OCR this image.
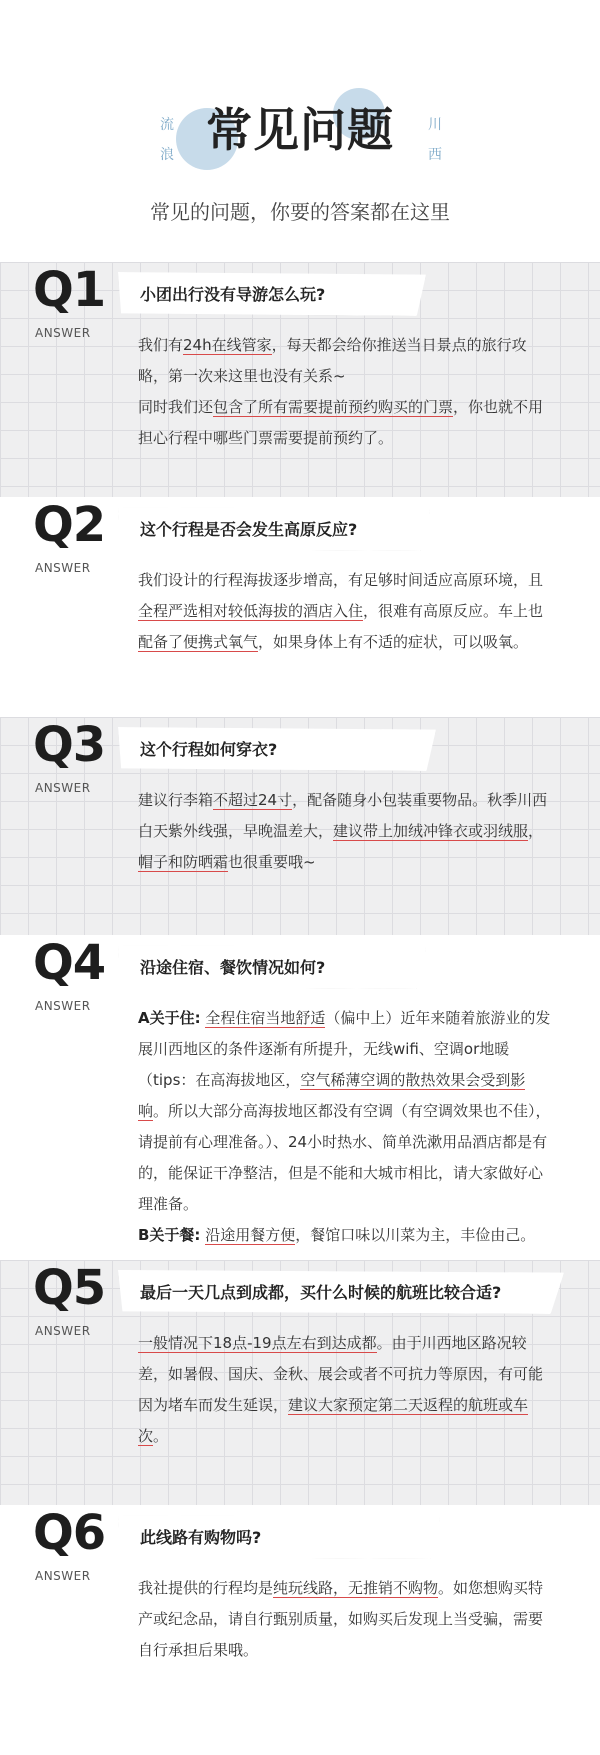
常见问题
流
浪
川
西
常见的问题，你要的答案都在这里
Q1
ANSWER
小团出行没有导游怎么玩?
我们有24h在线管家，每天都会给你推送当日景点的旅行攻略，第一次来这里也没有关系~
同时我们还包含了所有需要提前预约购买的门票，你也就不用担心行程中哪些门票需要提前预约了。
Q2
ANSWER
这个行程是否会发生高原反应?
我们设计的行程海拔逐步增高，有足够时间适应高原环境，且全程严选相对较低海拔的酒店入住，很难有高原反应。车上也配备了便携式氧气，如果身体上有不适的症状，可以吸氧。
Q3
ANSWER
这个行程如何穿衣?
建议行李箱不超过24寸，配备随身小包装重要物品。秋季川西白天紫外线强，早晚温差大，建议带上加绒冲锋衣或羽绒服，帽子和防晒霜也很重要哦~
Q4
ANSWER
沿途住宿、餐饮情况如何?
A关于住: 全程住宿当地舒适（偏中上）近年来随着旅游业的发展川西地区的条件逐渐有所提升，无线wifi、空调or地暖（tips：在高海拔地区，空气稀薄空调的散热效果会受到影响。所以大部分高海拔地区都没有空调（有空调效果也不佳），请提前有心理准备。）、24小时热水、简单洗漱用品酒店都是有的，能保证干净整洁，但是不能和大城市相比，请大家做好心理准备。
B关于餐: 沿途用餐方便，餐馆口味以川菜为主，丰俭由己。
Q5
ANSWER
最后一天几点到成都，买什么时候的航班比较合适?
一般情况下18点-19点左右到达成都。由于川西地区路况较差，如暑假、国庆、金秋、展会或者不可抗力等原因，有可能因为堵车而发生延误，建议大家预定第二天返程的航班或车次。
Q6
ANSWER
此线路有购物吗?
我社提供的行程均是纯玩线路，无推销不购物。如您想购买特产或纪念品，请自行甄别质量，如购买后发现上当受骗，需要自行承担后果哦。
